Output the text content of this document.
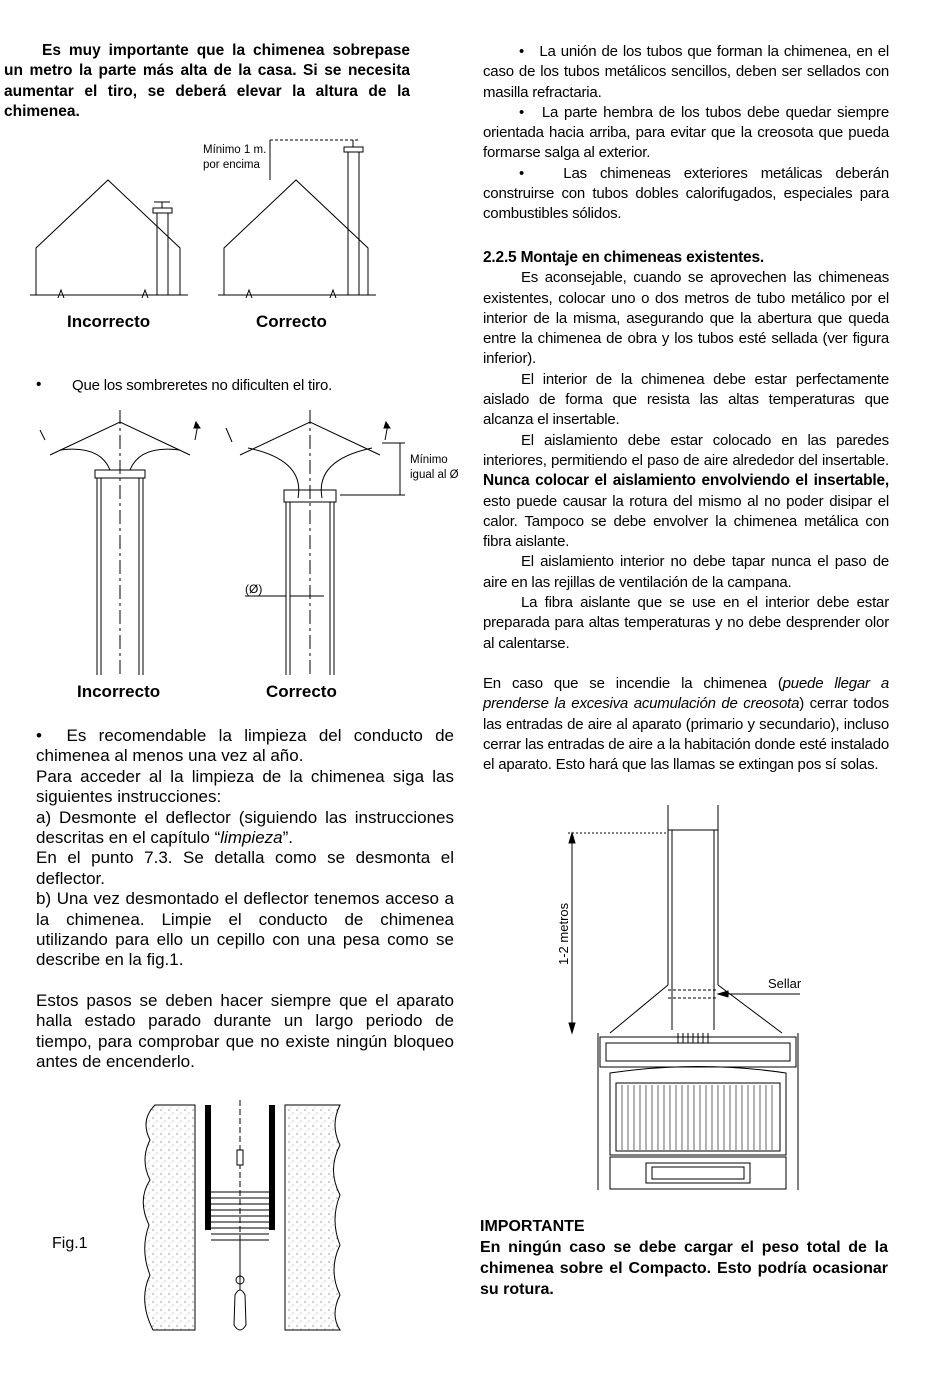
Es muy importante que la chimenea sobrepase un metro la parte más alta de la casa. Si se necesita aumentar el tiro, se deberá elevar la altura de la chimenea.

Mínimo 1 m.
por encima
Incorrecto	Correcto
• Que los sombreretes no dificulten el tiro.

Mínimo
igual al Ø
(Ø)
Incorrecto	Correcto
•  Es recomendable la limpieza del conducto de chimenea al menos una vez al año.
Para acceder al la limpieza de la chimenea siga las siguientes instrucciones:
a) Desmonte el deflector (siguiendo las instrucciones descritas en el capítulo “limpieza”.
En el punto 7.3. Se detalla como se desmonta el deflector.
b) Una vez desmontado el deflector tenemos acceso a la chimenea. Limpie el conducto de chimenea utilizando para ello un cepillo con una pesa como se describe en la fig.1.
Estos pasos se deben hacer siempre que el aparato halla estado parado durante un largo periodo de tiempo, para comprobar que no existe ningún bloqueo antes de encenderlo.
Fig.1

•   La unión de los tubos que forman la chimenea, en el caso de los tubos metálicos sencillos, deben ser sellados con masilla refractaria.

•   La parte hembra de los tubos debe quedar siempre orientada hacia arriba, para evitar que la creosota que pueda formarse salga al exterior.

•   Las chimeneas exteriores metálicas deberán construirse con tubos dobles calorifugados, especiales para combustibles sólidos.

2.2.5 Montaje en chimeneas existentes.

Es aconsejable, cuando se aprovechen las chimeneas existentes, colocar uno o dos metros de tubo metálico por el interior de la misma, asegurando que la abertura que queda entre la chimenea de obra y los tubos esté sellada (ver figura inferior).

El interior de la chimenea debe estar perfectamente aislado de forma que resista las altas temperaturas que alcanza el insertable.

El aislamiento debe estar colocado en las paredes interiores, permitiendo el paso de aire alrededor del insertable. Nunca colocar el aislamiento envolviendo el insertable, esto puede causar la rotura del mismo al no poder disipar el calor. Tampoco se debe envolver la chimenea metálica con fibra aislante.

El aislamiento interior no debe tapar nunca el paso de aire en las rejillas de ventilación de la campana.

La fibra aislante que se use en el interior debe estar preparada para altas temperaturas y no debe desprender olor al calentarse.

En caso que se incendie la chimenea (puede llegar a prenderse la excesiva acumulación de creosota) cerrar todos las entradas de aire al aparato (primario y secundario), incluso cerrar las entradas de aire a la habitación donde esté instalado el aparato. Esto hará que las llamas se extingan pos sí solas.

1-2 metros
Sellar
IMPORTANTE

En ningún caso se debe cargar el peso total de la chimenea sobre el Compacto. Esto podría ocasionar su rotura.
